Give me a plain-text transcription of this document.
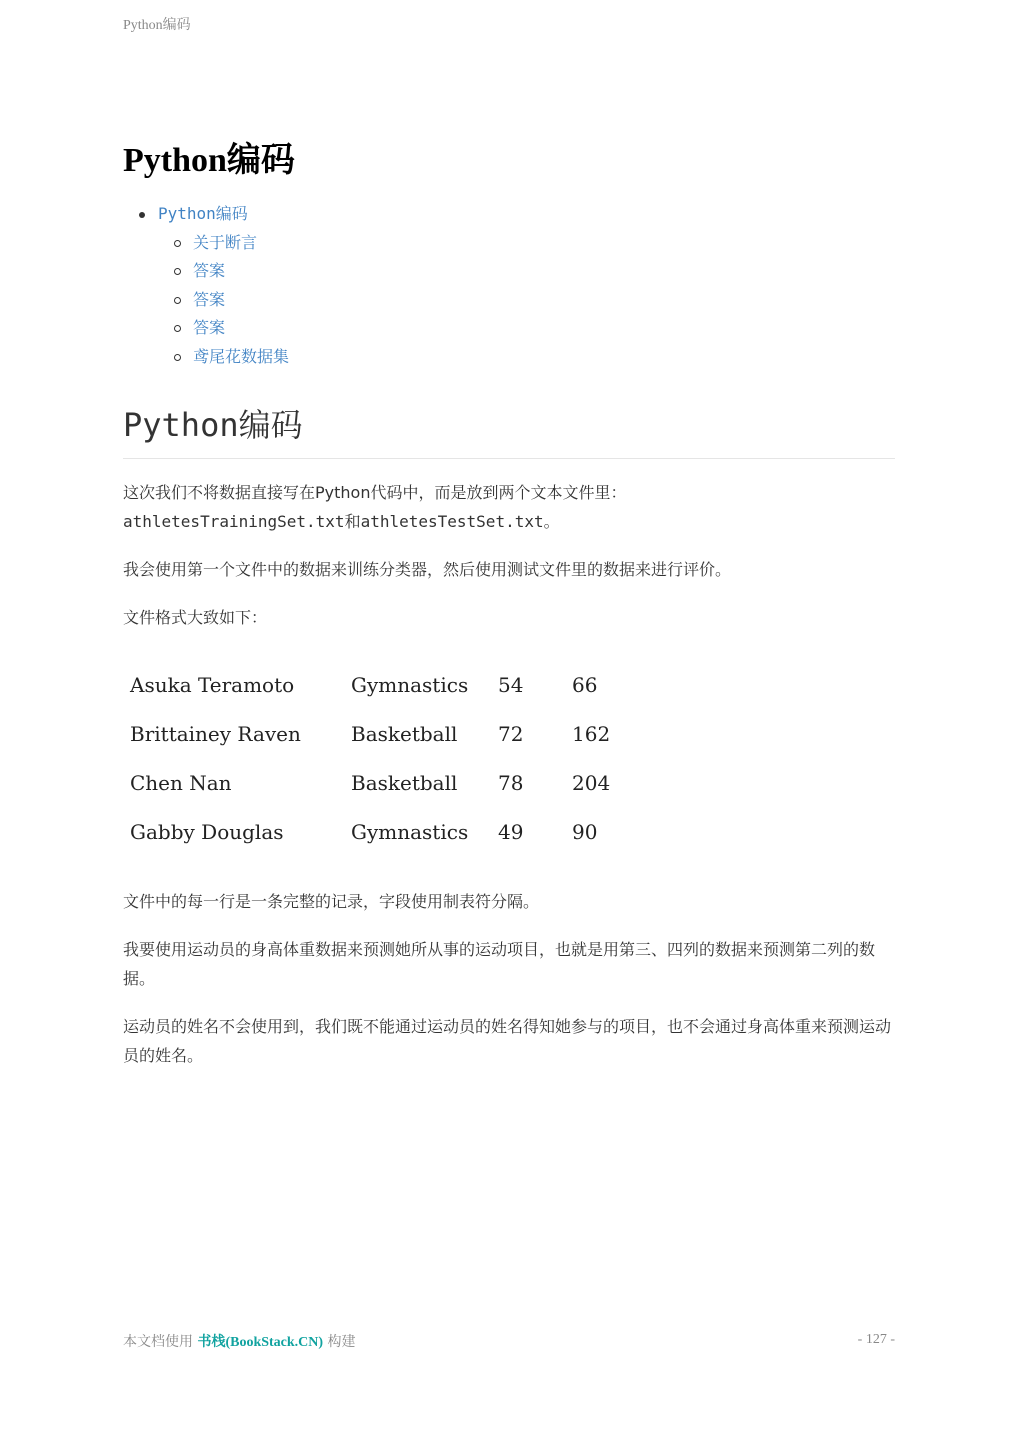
Python编码
Python编码
Python编码
关于断言
答案
答案
答案
鸢尾花数据集
Python编码

这次我们不将数据直接写在Python代码中，而是放到两个文本文件里：
athletesTrainingSet.txt和athletesTestSet.txt。

我会使用第一个文件中的数据来训练分类器，然后使用测试文件里的数据来进行评价。

文件格式大致如下：

Asuka Teramoto	Gymnastics	54	66
Brittainey Raven	Basketball	72	162
Chen Nan	Basketball	78	204
Gabby Douglas	Gymnastics	49	90

文件中的每一行是一条完整的记录，字段使用制表符分隔。

我要使用运动员的身高体重数据来预测她所从事的运动项目，也就是用第三、四列的数据来预测第二列的数据。

运动员的姓名不会使用到，我们既不能通过运动员的姓名得知她参与的项目，也不会通过身高体重来预测运动员的姓名。

本文档使用 书栈(BookStack.CN) 构建	- 127 -
